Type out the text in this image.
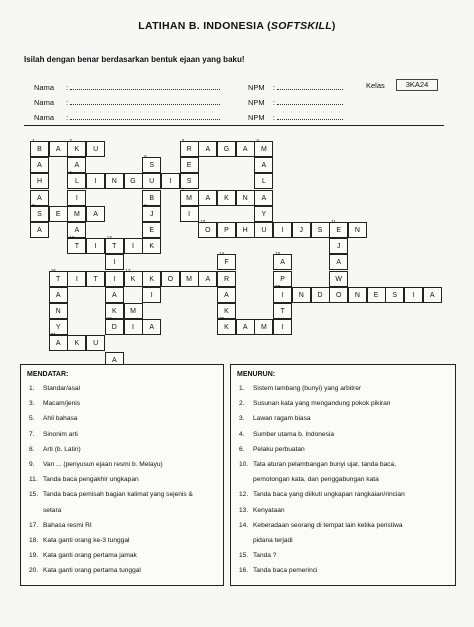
LATIHAN B. INDONESIA (SOFTSKILL)
Isilah dengan benar berdasarkan bentuk ejaan yang baku!
Nama :	NPM :	Kelas	3KA24
Nama :	NPM :
Nama :	NPM :
1
B	A
2
K	U
3
R	A	G	A
4
M
A	A
5
S	E	A
H
6
L	I	N	G	U	I	S	L
A	I	B
7
M	A	K	N	A
8
S	E	M	A
9
J	I	Y
A	A	E
10
O	P	H	U	I	J	S
11
E	N
12
T	I
13
T	I	K	J
I
14
F
15
A	A
16
T	I	T	I
17
K	K	O	M	A	R	P	W
A	A	I	A
18
I	N	D	O	N	E	S	I	A
N	K	M	K	T
Y
19
D	I	A
20
K	A	M	I
21
A	K	U
A
MENDATAR:
1. Standar/asal
3. Macam/jenis
5. Ahli bahasa
7. Sinonim arti
8. Arti (b. Latin)
9. Van ... (penyusun ejaan resmi b. Melayu)
11. Tanda baca pengakhir ungkapan
15. Tanda baca pemisah bagian kalimat yang sejenis &
setara
17. Bahasa resmi RI
18. Kata ganti orang ke-3 tunggal
19. Kata ganti orang pertama jamak
20. Kata ganti orang pertama tunggal
MENURUN:
1. Sistem lambang (bunyi) yang arbitrer
2. Susunan kata yang mengandung pokok pikiran
3. Lawan ragam biasa
4. Sumber utama b. Indonesia
6. Pelaku perbuatan
10. Tata aturan pelambangan bunyi ujar, tanda baca,
pemotongan kata, dan penggabungan kata
12. Tanda baca yang diikuti ungkapan rangkaian/rincian
13. Kenyataan
14. Keberadaan seorang di tempat lain ketika peristiwa
pidana terjadi
15. Tanda ?
16. Tanda baca pemerinci
